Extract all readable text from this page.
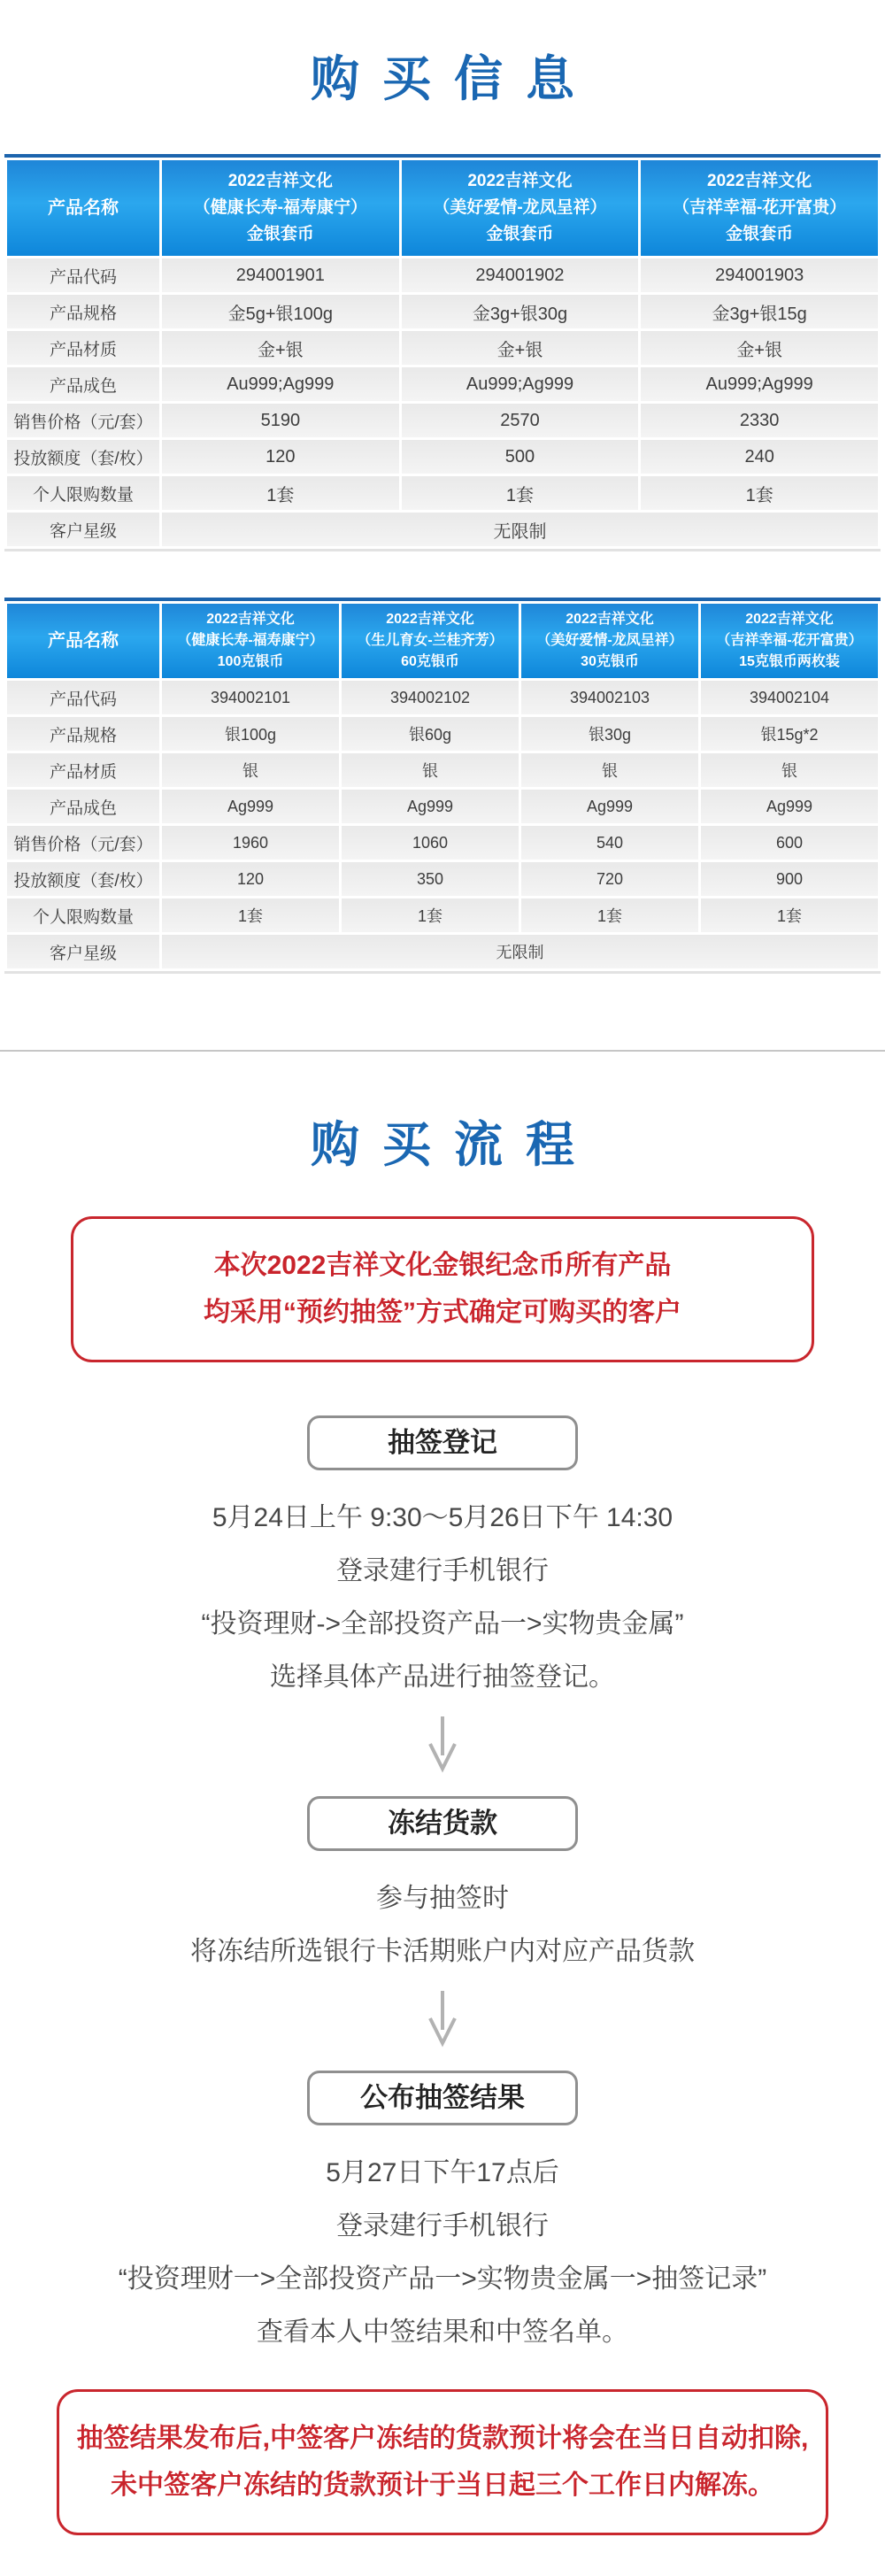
购买信息
产品名称	2022吉祥文化
（健康长寿-福寿康宁）
金银套币	2022吉祥文化
（美好爱情-龙凤呈祥）
金银套币	2022吉祥文化
（吉祥幸福-花开富贵）
金银套币

产品代码	294001901	294001902	294001903
产品规格	金5g+银100g	金3g+银30g	金3g+银15g
产品材质	金+银	金+银	金+银
产品成色	Au999;Ag999	Au999;Ag999	Au999;Ag999
销售价格（元/套）	5190	2570	2330
投放额度（套/枚）	120	500	240
个人限购数量	1套	1套	1套
客户星级	无限制		
产品名称	2022吉祥文化
（健康长寿-福寿康宁）
100克银币	2022吉祥文化
（生儿育女-兰桂齐芳）
60克银币	2022吉祥文化
（美好爱情-龙凤呈祥）
30克银币	2022吉祥文化
（吉祥幸福-花开富贵）
15克银币两枚装

产品代码	394002101	394002102	394002103	394002104
产品规格	银100g	银60g	银30g	银15g*2
产品材质	银	银	银	银
产品成色	Ag999	Ag999	Ag999	Ag999
销售价格（元/套）	1960	1060	540	600
投放额度（套/枚）	120	350	720	900
个人限购数量	1套	1套	1套	1套
客户星级	无限制			
购买流程

本次2022吉祥文化金银纪念币所有产品

均采用“预约抽签”方式确定可购买的客户

抽签登记

5月24日上午 9:30～5月26日下午 14:30

登录建行手机银行

“投资理财->全部投资产品一>实物贵金属”

选择具体产品进行抽签登记。

冻结货款

参与抽签时

将冻结所选银行卡活期账户内对应产品货款

公布抽签结果

5月27日下午17点后

登录建行手机银行

“投资理财一>全部投资产品一>实物贵金属一>抽签记录”

查看本人中签结果和中签名单。

抽签结果发布后,中签客户冻结的货款预计将会在当日自动扣除,

未中签客户冻结的货款预计于当日起三个工作日内解冻。
